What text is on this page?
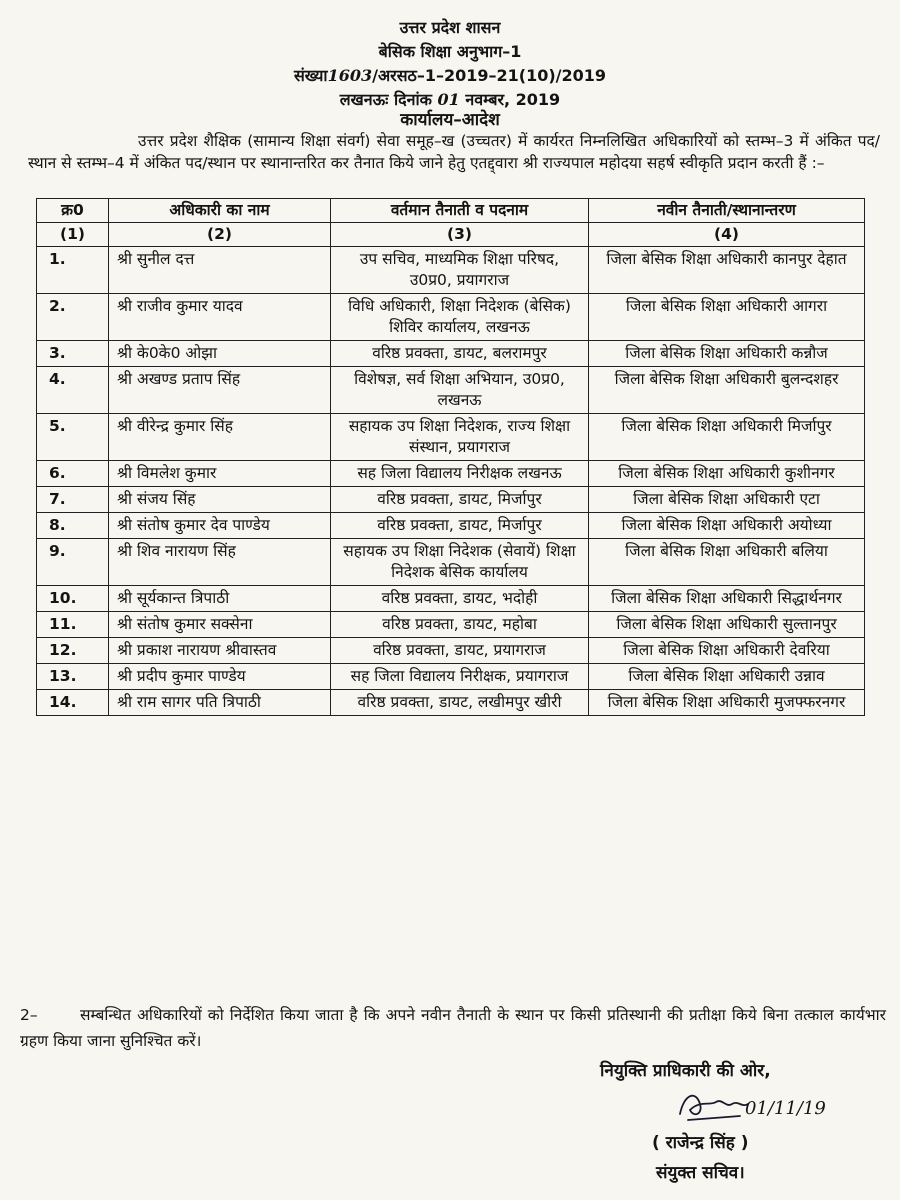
उत्तर प्रदेश शासन
बेसिक शिक्षा अनुभाग–1
संख्या1603/अरसठ–1–2019–21(10)/2019
लखनऊः दिनांक 01 नवम्बर, 2019
कार्यालय–आदेश
उत्तर प्रदेश शैक्षिक (सामान्य शिक्षा संवर्ग) सेवा समूह–ख (उच्चतर) में कार्यरत निम्नलिखित अधिकारियों को स्तम्भ–3 में अंकित पद/स्थान से स्तम्भ–4 में अंकित पद/स्थान पर स्थानान्तरित कर तैनात किये जाने हेतु एतद्द्वारा श्री राज्यपाल महोदया सहर्ष स्वीकृति प्रदान करती हैं :–
क्र0	अधिकारी का नाम	वर्तमान तैनाती व पदनाम	नवीन तैनाती/स्थानान्तरण
(1)	(2)	(3)	(4)
1.	श्री सुनील दत्त	उप सचिव, माध्यमिक शिक्षा परिषद, उ0प्र0, प्रयागराज	जिला बेसिक शिक्षा अधिकारी कानपुर देहात
2.	श्री राजीव कुमार यादव	विधि अधिकारी, शिक्षा निदेशक (बेसिक) शिविर कार्यालय, लखनऊ	जिला बेसिक शिक्षा अधिकारी आगरा
3.	श्री के0के0 ओझा	वरिष्ठ प्रवक्ता, डायट, बलरामपुर	जिला बेसिक शिक्षा अधिकारी कन्नौज
4.	श्री अखण्ड प्रताप सिंह	विशेषज्ञ, सर्व शिक्षा अभियान, उ0प्र0, लखनऊ	जिला बेसिक शिक्षा अधिकारी बुलन्दशहर
5.	श्री वीरेन्द्र कुमार सिंह	सहायक उप शिक्षा निदेशक, राज्य शिक्षा संस्थान, प्रयागराज	जिला बेसिक शिक्षा अधिकारी मिर्जापुर
6.	श्री विमलेश कुमार	सह जिला विद्यालय निरीक्षक लखनऊ	जिला बेसिक शिक्षा अधिकारी कुशीनगर
7.	श्री संजय सिंह	वरिष्ठ प्रवक्ता, डायट, मिर्जापुर	जिला बेसिक शिक्षा अधिकारी एटा
8.	श्री संतोष कुमार देव पाण्डेय	वरिष्ठ प्रवक्ता, डायट, मिर्जापुर	जिला बेसिक शिक्षा अधिकारी अयोध्या
9.	श्री शिव नारायण सिंह	सहायक उप शिक्षा निदेशक (सेवायें) शिक्षा निदेशक बेसिक कार्यालय	जिला बेसिक शिक्षा अधिकारी बलिया
10.	श्री सूर्यकान्त त्रिपाठी	वरिष्ठ प्रवक्ता, डायट, भदोही	जिला बेसिक शिक्षा अधिकारी सिद्धार्थनगर
11.	श्री संतोष कुमार सक्सेना	वरिष्ठ प्रवक्ता, डायट, महोबा	जिला बेसिक शिक्षा अधिकारी सुल्तानपुर
12.	श्री प्रकाश नारायण श्रीवास्तव	वरिष्ठ प्रवक्ता, डायट, प्रयागराज	जिला बेसिक शिक्षा अधिकारी देवरिया
13.	श्री प्रदीप कुमार पाण्डेय	सह जिला विद्यालय निरीक्षक, प्रयागराज	जिला बेसिक शिक्षा अधिकारी उन्नाव
14.	श्री राम सागर पति त्रिपाठी	वरिष्ठ प्रवक्ता, डायट, लखीमपुर खीरी	जिला बेसिक शिक्षा अधिकारी मुजफ्फरनगर
2–	सम्बन्धित अधिकारियों को निर्देशित किया जाता है कि अपने नवीन तैनाती के स्थान पर किसी प्रतिस्थानी की प्रतीक्षा किये बिना तत्काल कार्यभार ग्रहण किया जाना सुनिश्चित करें।
नियुक्ति प्राधिकारी की ओर,
01/11/19
( राजेन्द्र सिंह )
संयुक्त सचिव।
